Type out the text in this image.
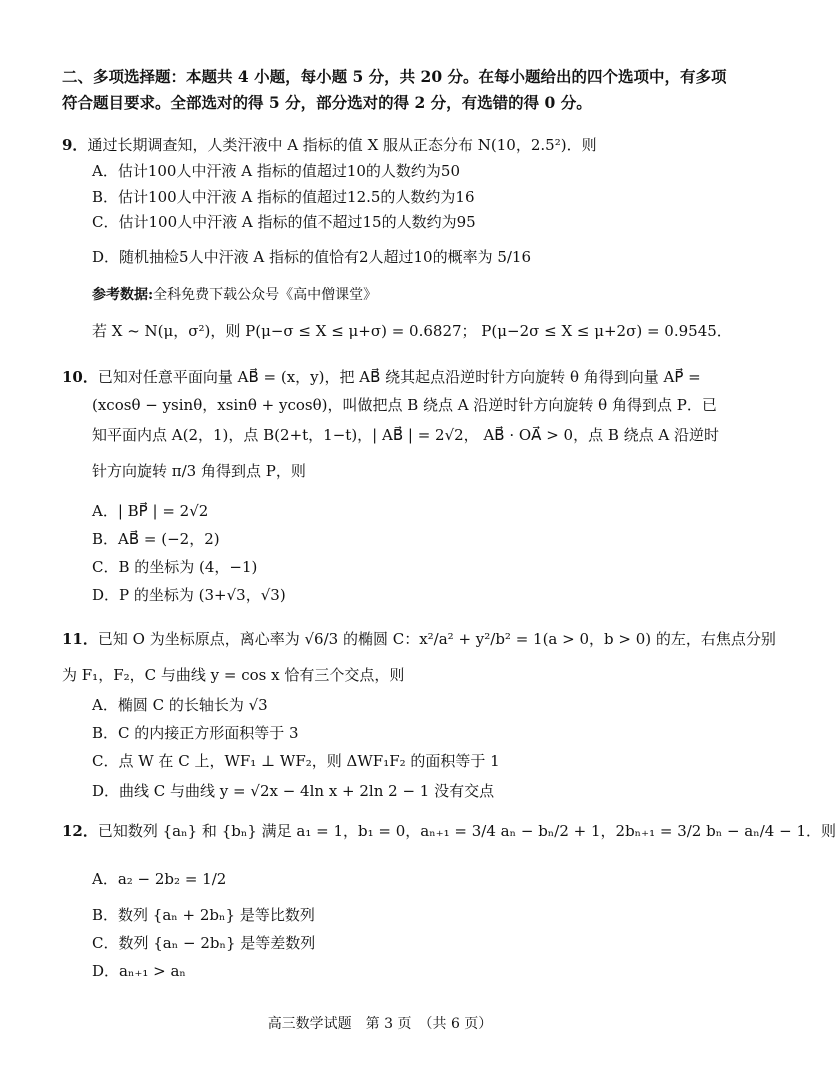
二、多项选择题：本题共 4 小题，每小题 5 分，共 20 分。在每小题给出的四个选项中，有多项
符合题目要求。全部选对的得 5 分，部分选对的得 2 分，有选错的得 0 分。
9．通过长期调查知，人类汗液中 A 指标的值 X 服从正态分布 N(10，2.5²)．则
A．估计100人中汗液 A 指标的值超过10的人数约为50
B．估计100人中汗液 A 指标的值超过12.5的人数约为16
C．估计100人中汗液 A 指标的值不超过15的人数约为95
D．随机抽检5人中汗液 A 指标的值恰有2人超过10的概率为 5/16
参考数据:全科免费下载公众号《高中僧课堂》
若 X ~ N(μ，σ²)，则 P(μ−σ ≤ X ≤ μ+σ) = 0.6827； P(μ−2σ ≤ X ≤ μ+2σ) = 0.9545．
10．已知对任意平面向量 AB⃗ = (x，y)，把 AB⃗ 绕其起点沿逆时针方向旋转 θ 角得到向量 AP⃗ =
(xcosθ − ysinθ，xsinθ + ycosθ)，叫做把点 B 绕点 A 沿逆时针方向旋转 θ 角得到点 P．已
知平面内点 A(2，1)，点 B(2+t，1−t)，| AB⃗ | = 2√2， AB⃗ · OA⃗ > 0，点 B 绕点 A 沿逆时
针方向旋转 π/3 角得到点 P，则
A．| BP⃗ | = 2√2
B．AB⃗ = (−2，2)
C．B 的坐标为 (4，−1)
D．P 的坐标为 (3+√3，√3)
11．已知 O 为坐标原点，离心率为 √6/3 的椭圆 C：x²/a² + y²/b² = 1(a > 0，b > 0) 的左，右焦点分别
为 F₁，F₂，C 与曲线 y = cos x 恰有三个交点，则
A．椭圆 C 的长轴长为 √3
B．C 的内接正方形面积等于 3
C．点 W 在 C 上，WF₁ ⊥ WF₂，则 ΔWF₁F₂ 的面积等于 1
D．曲线 C 与曲线 y = √2x − 4ln x + 2ln 2 − 1 没有交点
12．已知数列 {aₙ} 和 {bₙ} 满足 a₁ = 1，b₁ = 0，aₙ₊₁ = 3/4 aₙ − bₙ/2 + 1，2bₙ₊₁ = 3/2 bₙ − aₙ/4 − 1．则
A．a₂ − 2b₂ = 1/2
B．数列 {aₙ + 2bₙ} 是等比数列
C．数列 {aₙ − 2bₙ} 是等差数列
D．aₙ₊₁ > aₙ
高三数学试题　第 3 页　（共 6 页）
